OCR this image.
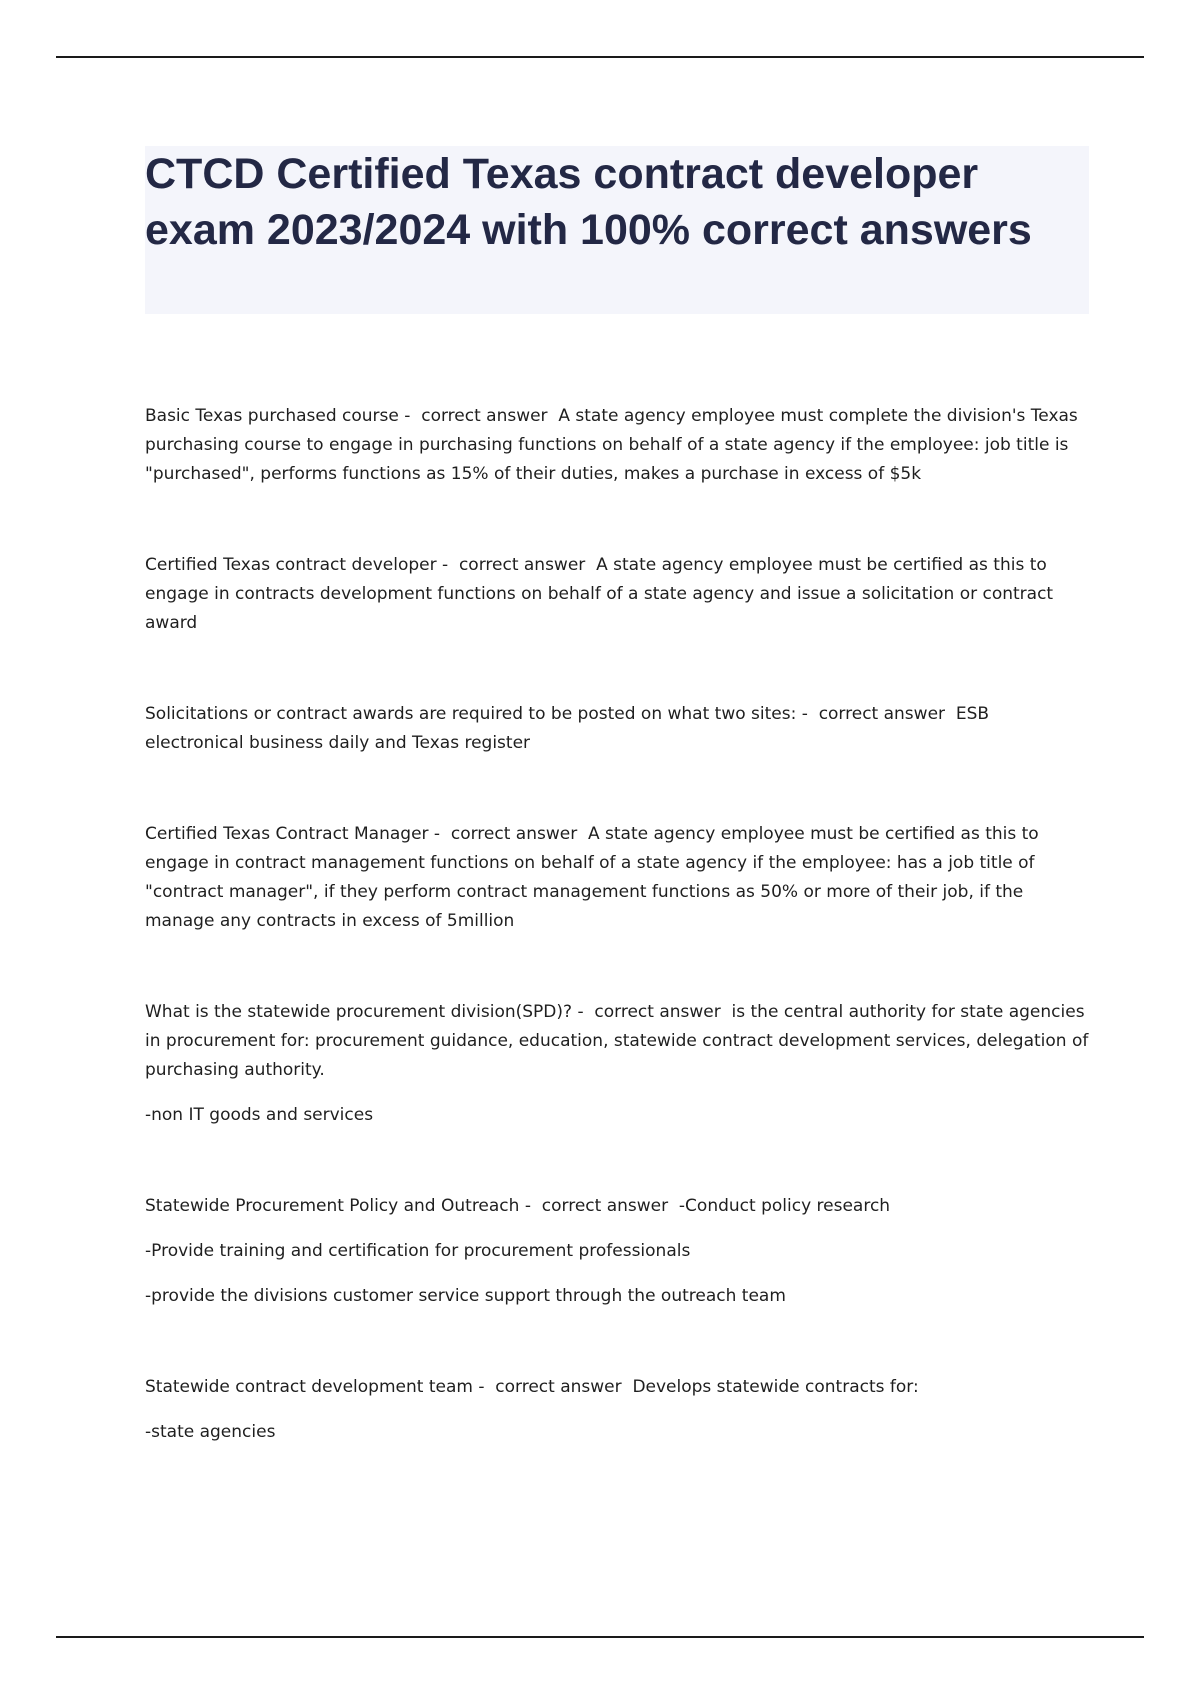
CTCD Certified Texas contract developer exam 2023/2024 with 100% correct answers

Basic Texas purchased course -  correct answer  A state agency employee must complete the division's Texas purchasing course to engage in purchasing functions on behalf of a state agency if the employee: job title is "purchased", performs functions as 15% of their duties, makes a purchase in excess of $5k

Certified Texas contract developer -  correct answer  A state agency employee must be certified as this to engage in contracts development functions on behalf of a state agency and issue a solicitation or contract award

Solicitations or contract awards are required to be posted on what two sites: -  correct answer  ESB electronical business daily and Texas register

Certified Texas Contract Manager -  correct answer  A state agency employee must be certified as this to engage in contract management functions on behalf of a state agency if the employee: has a job title of "contract manager", if they perform contract management functions as 50% or more of their job, if the manage any contracts in excess of 5million

What is the statewide procurement division(SPD)? -  correct answer  is the central authority for state agencies in procurement for: procurement guidance, education, statewide contract development services, delegation of purchasing authority.

-non IT goods and services

Statewide Procurement Policy and Outreach -  correct answer  -Conduct policy research

-Provide training and certification for procurement professionals

-provide the divisions customer service support through the outreach team

Statewide contract development team -  correct answer  Develops statewide contracts for:

-state agencies
